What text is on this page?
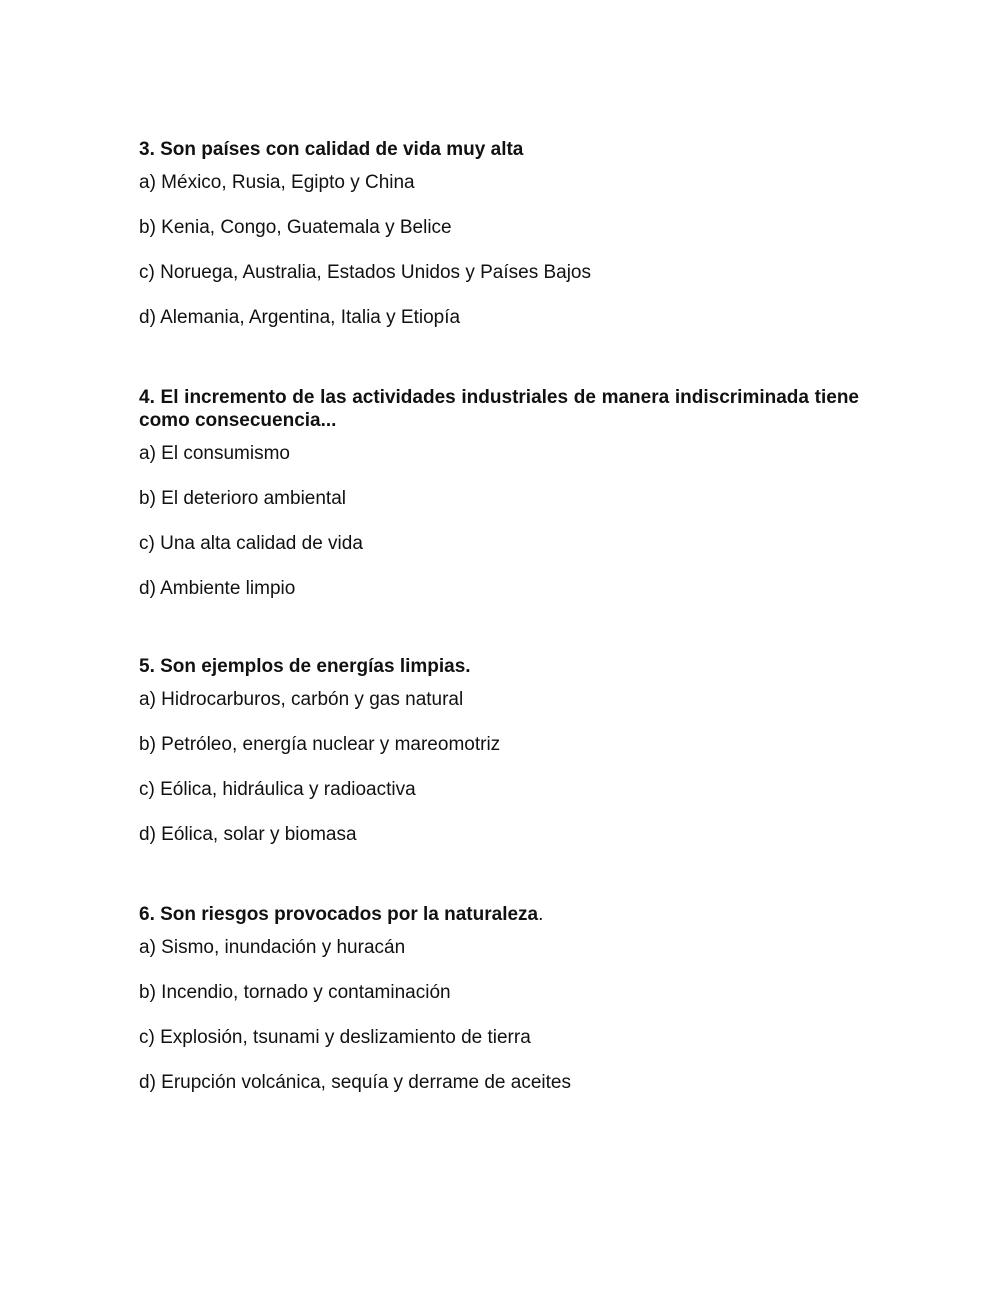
3. Son países con calidad de vida muy alta

a) México, Rusia, Egipto y China
b) Kenia, Congo, Guatemala y Belice
c) Noruega, Australia, Estados Unidos y Países Bajos
d) Alemania, Argentina, Italia y Etiopía

4. El incremento de las actividades industriales de manera indiscriminada tiene como consecuencia...

a) El consumismo
b) El deterioro ambiental
c) Una alta calidad de vida
d) Ambiente limpio

5. Son ejemplos de energías limpias.

a) Hidrocarburos, carbón y gas natural
b) Petróleo, energía nuclear y mareomotriz
c) Eólica, hidráulica y radioactiva
d) Eólica, solar y biomasa

6. Son riesgos provocados por la naturaleza.

a) Sismo, inundación y huracán
b) Incendio, tornado y contaminación
c) Explosión, tsunami y deslizamiento de tierra
d) Erupción volcánica, sequía y derrame de aceites
